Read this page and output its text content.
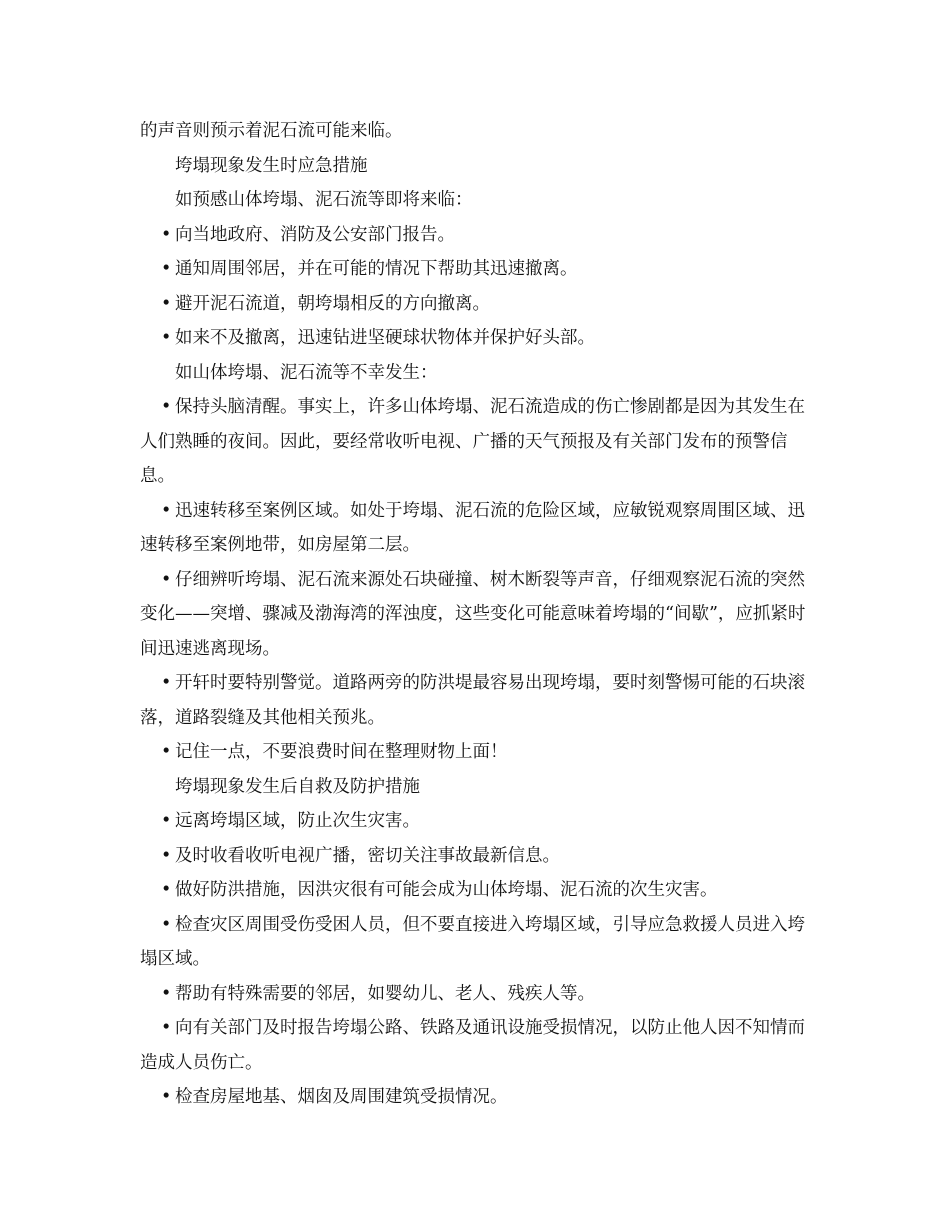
的声音则预示着泥石流可能来临。

垮塌现象发生时应急措施

如预感山体垮塌、泥石流等即将来临：

• 向当地政府、消防及公安部门报告。

• 通知周围邻居，并在可能的情况下帮助其迅速撤离。

• 避开泥石流道，朝垮塌相反的方向撤离。

• 如来不及撤离，迅速钻进坚硬球状物体并保护好头部。

如山体垮塌、泥石流等不幸发生：

• 保持头脑清醒。事实上，许多山体垮塌、泥石流造成的伤亡惨剧都是因为其发生在人们熟睡的夜间。因此，要经常收听电视、广播的天气预报及有关部门发布的预警信息。

• 迅速转移至案例区域。如处于垮塌、泥石流的危险区域，应敏锐观察周围区域、迅速转移至案例地带，如房屋第二层。

• 仔细辨听垮塌、泥石流来源处石块碰撞、树木断裂等声音，仔细观察泥石流的突然变化——突增、骤减及渤海湾的浑浊度，这些变化可能意味着垮塌的“间歇”，应抓紧时间迅速逃离现场。

• 开轩时要特别警觉。道路两旁的防洪堤最容易出现垮塌，要时刻警惕可能的石块滚落，道路裂缝及其他相关预兆。

• 记住一点，不要浪费时间在整理财物上面！

垮塌现象发生后自救及防护措施

• 远离垮塌区域，防止次生灾害。

• 及时收看收听电视广播，密切关注事故最新信息。

• 做好防洪措施，因洪灾很有可能会成为山体垮塌、泥石流的次生灾害。

• 检查灾区周围受伤受困人员，但不要直接进入垮塌区域，引导应急救援人员进入垮塌区域。

• 帮助有特殊需要的邻居，如婴幼儿、老人、残疾人等。

• 向有关部门及时报告垮塌公路、铁路及通讯设施受损情况，以防止他人因不知情而造成人员伤亡。

• 检查房屋地基、烟囱及周围建筑受损情况。
